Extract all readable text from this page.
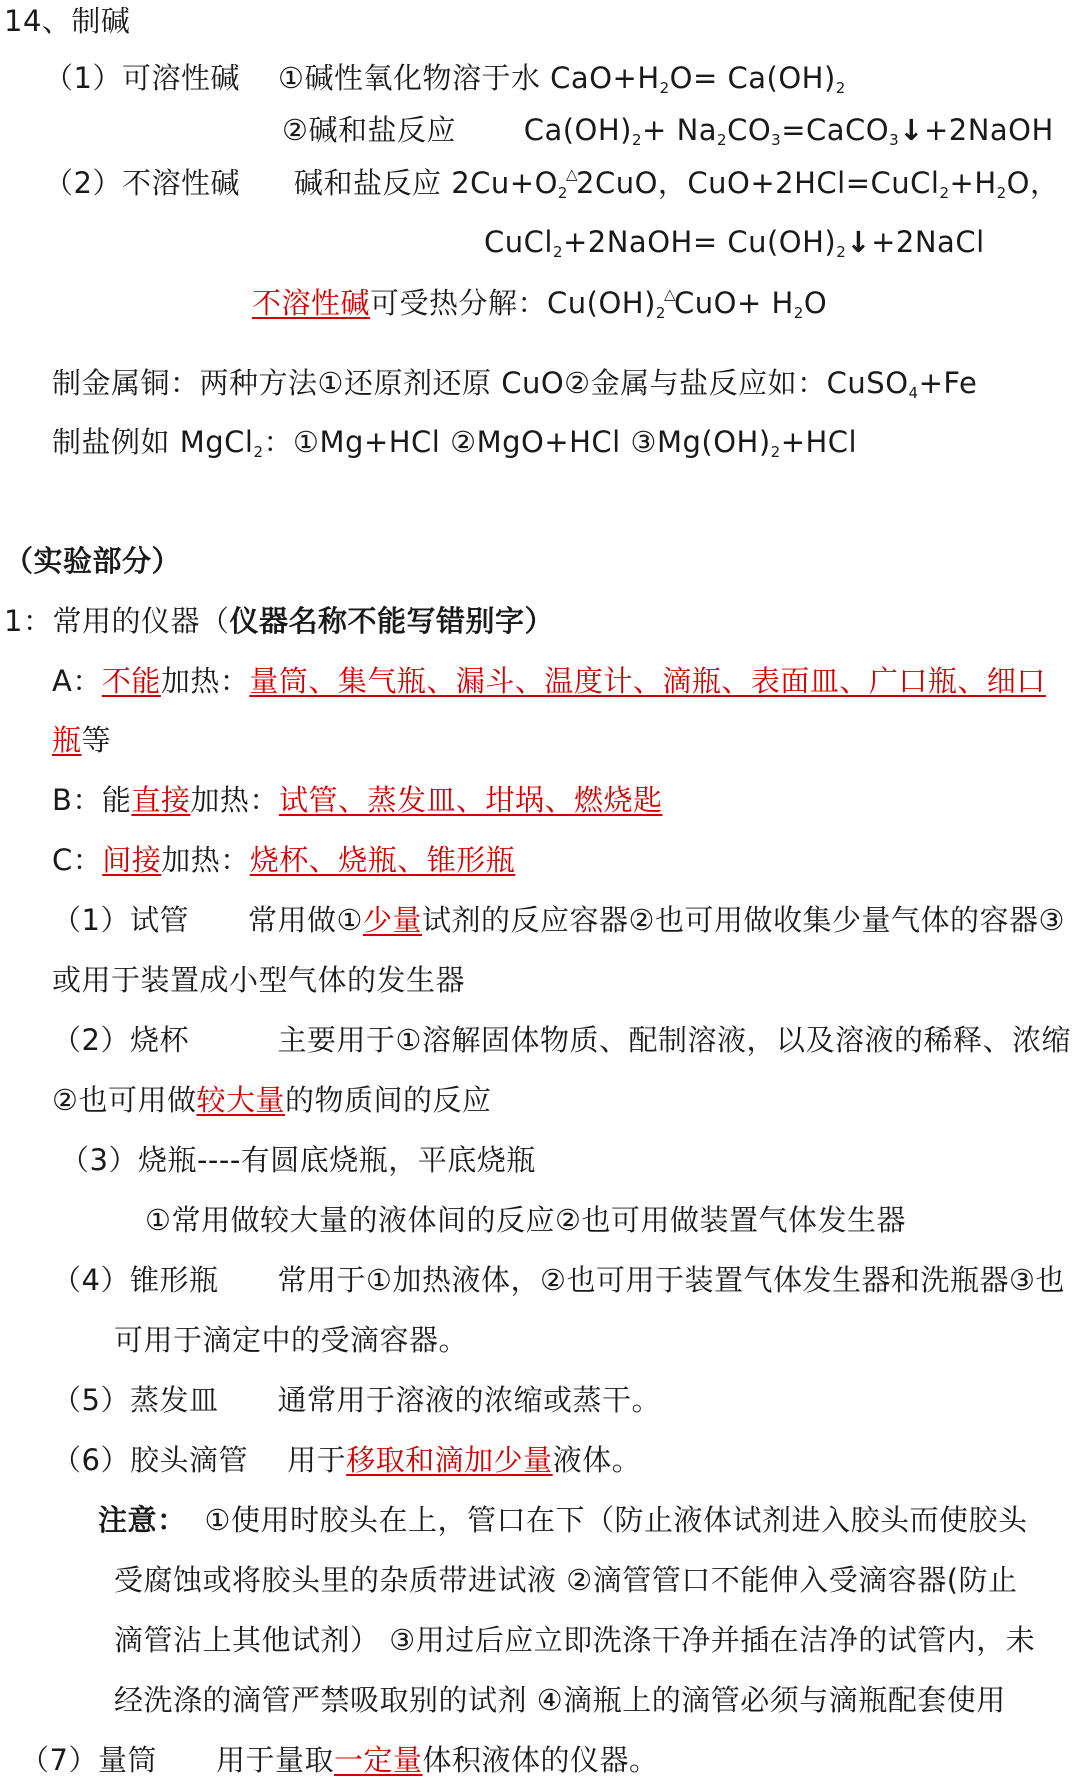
14、制碱
（1）可溶性碱 ①碱性氧化物溶于水 $CaO+H_2O= Ca(OH)_2$
②碱和盐反应 $Ca(OH)_2+$ $Na_2CO_3=CaCO_3↓+2NaOH$
（2）不溶性碱 碱和盐反应 $2Cu+O_2^\triangle 2CuO$，$CuO+2HCl=CuCl_2+H_2O$，
CuCl$_2$+2NaOH= $Cu(OH)_2↓+2NaCl$
不溶性碱可受热分解：$Cu(OH)_2^\triangle CuO+ H_2O$
制金属铜：两种方法①还原剂还原 CuO②金属与盐反应如：CuSO$_4$+Fe
制盐例如 MgCl$_2$：①Mg+HCl ②MgO+HCl $③Mg(OH)_2+HCl$
（实验部分）
1：常用的仪器（仪器名称不能写错别字）
A：不能加热：量筒、集气瓶、漏斗、温度计、滴瓶、表面皿、广口瓶、细口
瓶等
B：能直接加热：试管、蒸发皿、坩埚、燃烧匙
C：间接加热：烧杯、烧瓶、锥形瓶
（1）试管　　常用做①少量试剂的反应容器②也可用做收集少量气体的容器③
或用于装置成小型气体的发生器
（2）烧杯　　　主要用于①溶解固体物质、配制溶液，以及溶液的稀释、浓缩
②也可用做较大量的物质间的反应
（3）烧瓶----有圆底烧瓶，平底烧瓶
①常用做较大量的液体间的反应②也可用做装置气体发生器
（4）锥形瓶　　常用于①加热液体，②也可用于装置气体发生器和洗瓶器③也
可用于滴定中的受滴容器。
（5）蒸发皿　　通常用于溶液的浓缩或蒸干。
（6）胶头滴管　 用于移取和滴加少量液体。
注意： ①使用时胶头在上，管口在下（防止液体试剂进入胶头而使胶头
受腐蚀或将胶头里的杂质带进试液 ②滴管管口不能伸入受滴容器(防止
滴管沾上其他试剂） ③用过后应立即洗涤干净并插在洁净的试管内，未
经洗涤的滴管严禁吸取别的试剂 ④滴瓶上的滴管必须与滴瓶配套使用
（7）量筒　　用于量取一定量体积液体的仪器。
